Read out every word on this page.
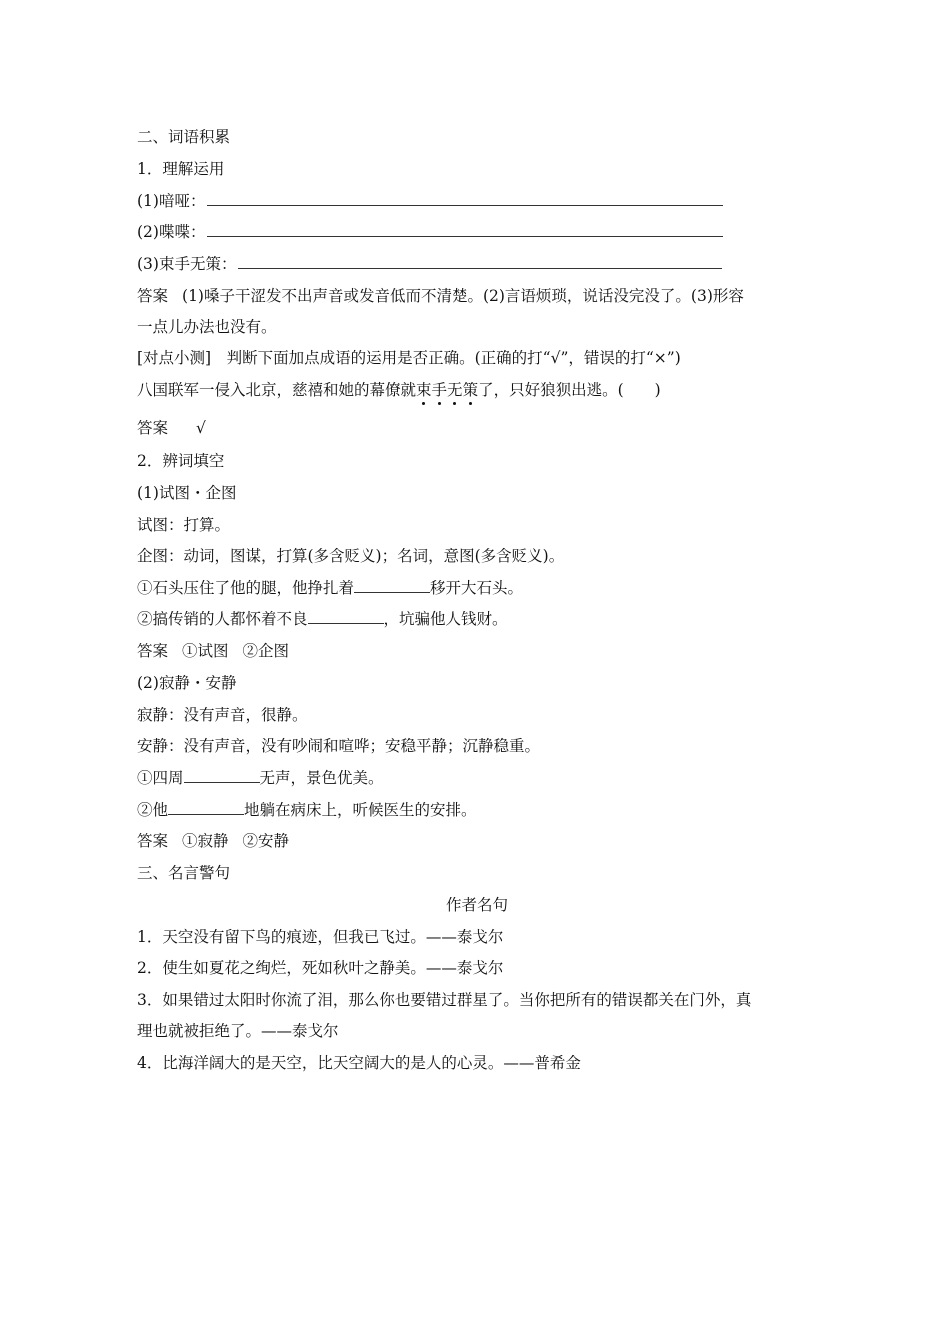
二、词语积累
1．理解运用
(1)喑哑：
(2)喋喋：
(3)束手无策：
答案 (1)嗓子干涩发不出声音或发音低而不清楚。(2)言语烦琐，说话没完没了。(3)形容
一点儿办法也没有。
[对点小测]　判断下面加点成语的运用是否正确。(正确的打“√”，错误的打“×”)
八国联军一侵入北京，慈禧和她的幕僚就束手无策了，只好狼狈出逃。(　　)
答案 √
2．辨词填空
(1)试图・企图
试图：打算。
企图：动词，图谋，打算(多含贬义)；名词，意图(多含贬义)。
①石头压住了他的腿，他挣扎着	移开大石头。
②搞传销的人都怀着不良	，坑骗他人钱财。
答案 ①试图 ②企图
(2)寂静・安静
寂静：没有声音，很静。
安静：没有声音，没有吵闹和喧哗；安稳平静；沉静稳重。
①四周	无声，景色优美。
②他	地躺在病床上，听候医生的安排。
答案 ①寂静 ②安静
三、名言警句
作者名句
1．天空没有留下鸟的痕迹，但我已飞过。——泰戈尔
2．使生如夏花之绚烂，死如秋叶之静美。——泰戈尔
3．如果错过太阳时你流了泪，那么你也要错过群星了。当你把所有的错误都关在门外，真
理也就被拒绝了。——泰戈尔
4．比海洋阔大的是天空，比天空阔大的是人的心灵。——普希金
